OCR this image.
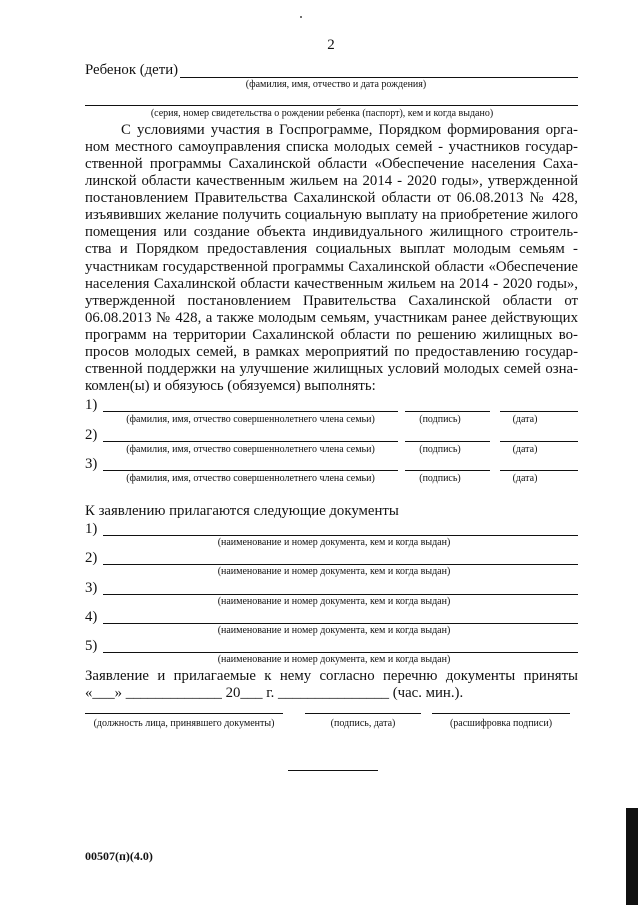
2
Ребенок (дети)
(фамилия, имя, отчество и дата рождения)
(серия, номер свидетельства о рождении ребенка (паспорт), кем и когда выдано)
С условиями участия в Госпрограмме, Порядком формирования орга-
ном местного самоуправления списка молодых семей - участников государ-
ственной программы Сахалинской области «Обеспечение населения Саха-
линской области качественным жильем на 2014 - 2020 годы», утвержденной
постановлением Правительства Сахалинской области от 06.08.2013 № 428,
изъявивших желание получить социальную выплату на приобретение жилого
помещения или создание объекта индивидуального жилищного строитель-
ства и Порядком предоставления социальных выплат молодым семьям -
участникам государственной программы Сахалинской области «Обеспечение
населения Сахалинской области качественным жильем на 2014 - 2020 годы»,
утвержденной постановлением Правительства Сахалинской области от
06.08.2013 № 428, а также молодым семьям, участникам ранее действующих
программ на территории Сахалинской области по решению жилищных во-
просов молодых семей, в рамках мероприятий по предоставлению государ-
ственной поддержки на улучшение жилищных условий молодых семей озна-
комлен(ы) и обязуюсь (обязуемся) выполнять:
1)
(фамилия, имя, отчество совершеннолетнего члена семьи)	(подпись)	(дата)
2)
(фамилия, имя, отчество совершеннолетнего члена семьи)	(подпись)	(дата)
3)
(фамилия, имя, отчество совершеннолетнего члена семьи)	(подпись)	(дата)
К заявлению прилагаются следующие документы
1)
(наименование и номер документа, кем и когда выдан)
2)
(наименование и номер документа, кем и когда выдан)
3)
(наименование и номер документа, кем и когда выдан)
4)
(наименование и номер документа, кем и когда выдан)
5)
(наименование и номер документа, кем и когда выдан)
Заявление и прилагаемые к нему согласно перечню документы приняты
«___» _____________ 20___ г. _______________ (час. мин.).
(должность лица, принявшего документы)	(подпись, дата)	(расшифровка подписи)
00507(п)(4.0)
